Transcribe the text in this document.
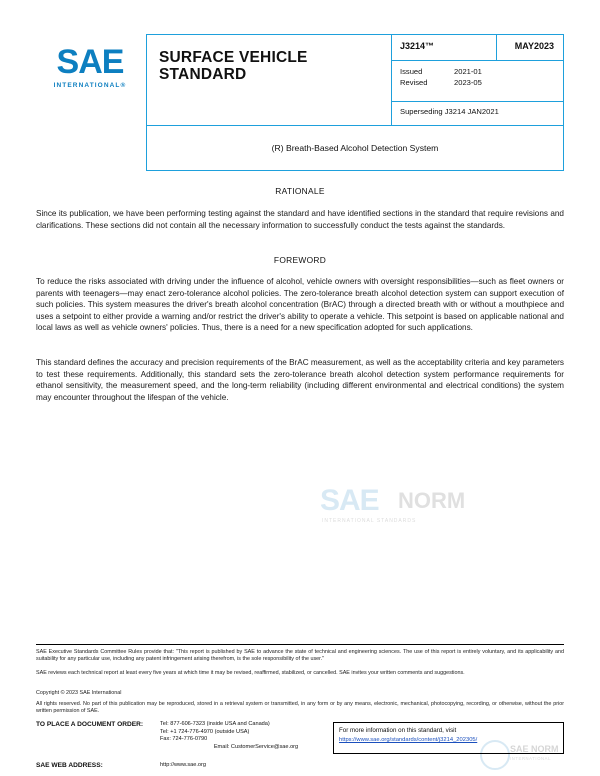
SAE
INTERNATIONAL®
SURFACE VEHICLE
STANDARD
J3214™	MAY2023
Issued	2021-01
Revised	2023-05
Superseding J3214 JAN2021
(R) Breath-Based Alcohol Detection System
RATIONALE
Since its publication, we have been performing testing against the standard and have identified sections in the standard that require revisions and clarifications. These sections did not contain all the necessary information to successfully conduct the tests against the standards.
FOREWORD
To reduce the risks associated with driving under the influence of alcohol, vehicle owners with oversight responsibilities—such as fleet owners or parents with teenagers—may enact zero-tolerance alcohol policies. The zero-tolerance breath alcohol detection system can support execution of such policies. This system measures the driver's breath alcohol concentration (BrAC) through a directed breath with or without a mouthpiece and uses a setpoint to either provide a warning and/or restrict the driver's ability to operate a vehicle. This setpoint is based on applicable national and local laws as well as vehicle owners' policies. Thus, there is a need for a new specification adopted for such applications.
This standard defines the accuracy and precision requirements of the BrAC measurement, as well as the acceptability criteria and key parameters to test these requirements. Additionally, this standard sets the zero-tolerance breath alcohol detection system performance requirements for ethanol sensitivity, the measurement speed, and the long-term reliability (including different environmental and electrical conditions) the system may encounter throughout the lifespan of the vehicle.
SAE NORM
INTERNATIONAL STANDARDS
SAE NORM
INTERNATIONAL
SAE Executive Standards Committee Rules provide that: "This report is published by SAE to advance the state of technical and engineering sciences. The use of this report is entirely voluntary, and its applicability and suitability for any particular use, including any patent infringement arising therefrom, is the sole responsibility of the user."
SAE reviews each technical report at least every five years at which time it may be revised, reaffirmed, stabilized, or cancelled. SAE invites your written comments and suggestions.
Copyright © 2023 SAE International
All rights reserved. No part of this publication may be reproduced, stored in a retrieval system or transmitted, in any form or by any means, electronic, mechanical, photocopying, recording, or otherwise, without the prior written permission of SAE.
TO PLACE A DOCUMENT ORDER:	Tel: 877-606-7323 (inside USA and Canada)
Tel: +1 724-776-4970 (outside USA)
Fax: 724-776-0790
Email: CustomerService@sae.org
SAE WEB ADDRESS:	http://www.sae.org
For more information on this standard, visit
https://www.sae.org/standards/content/j3214_202305/
